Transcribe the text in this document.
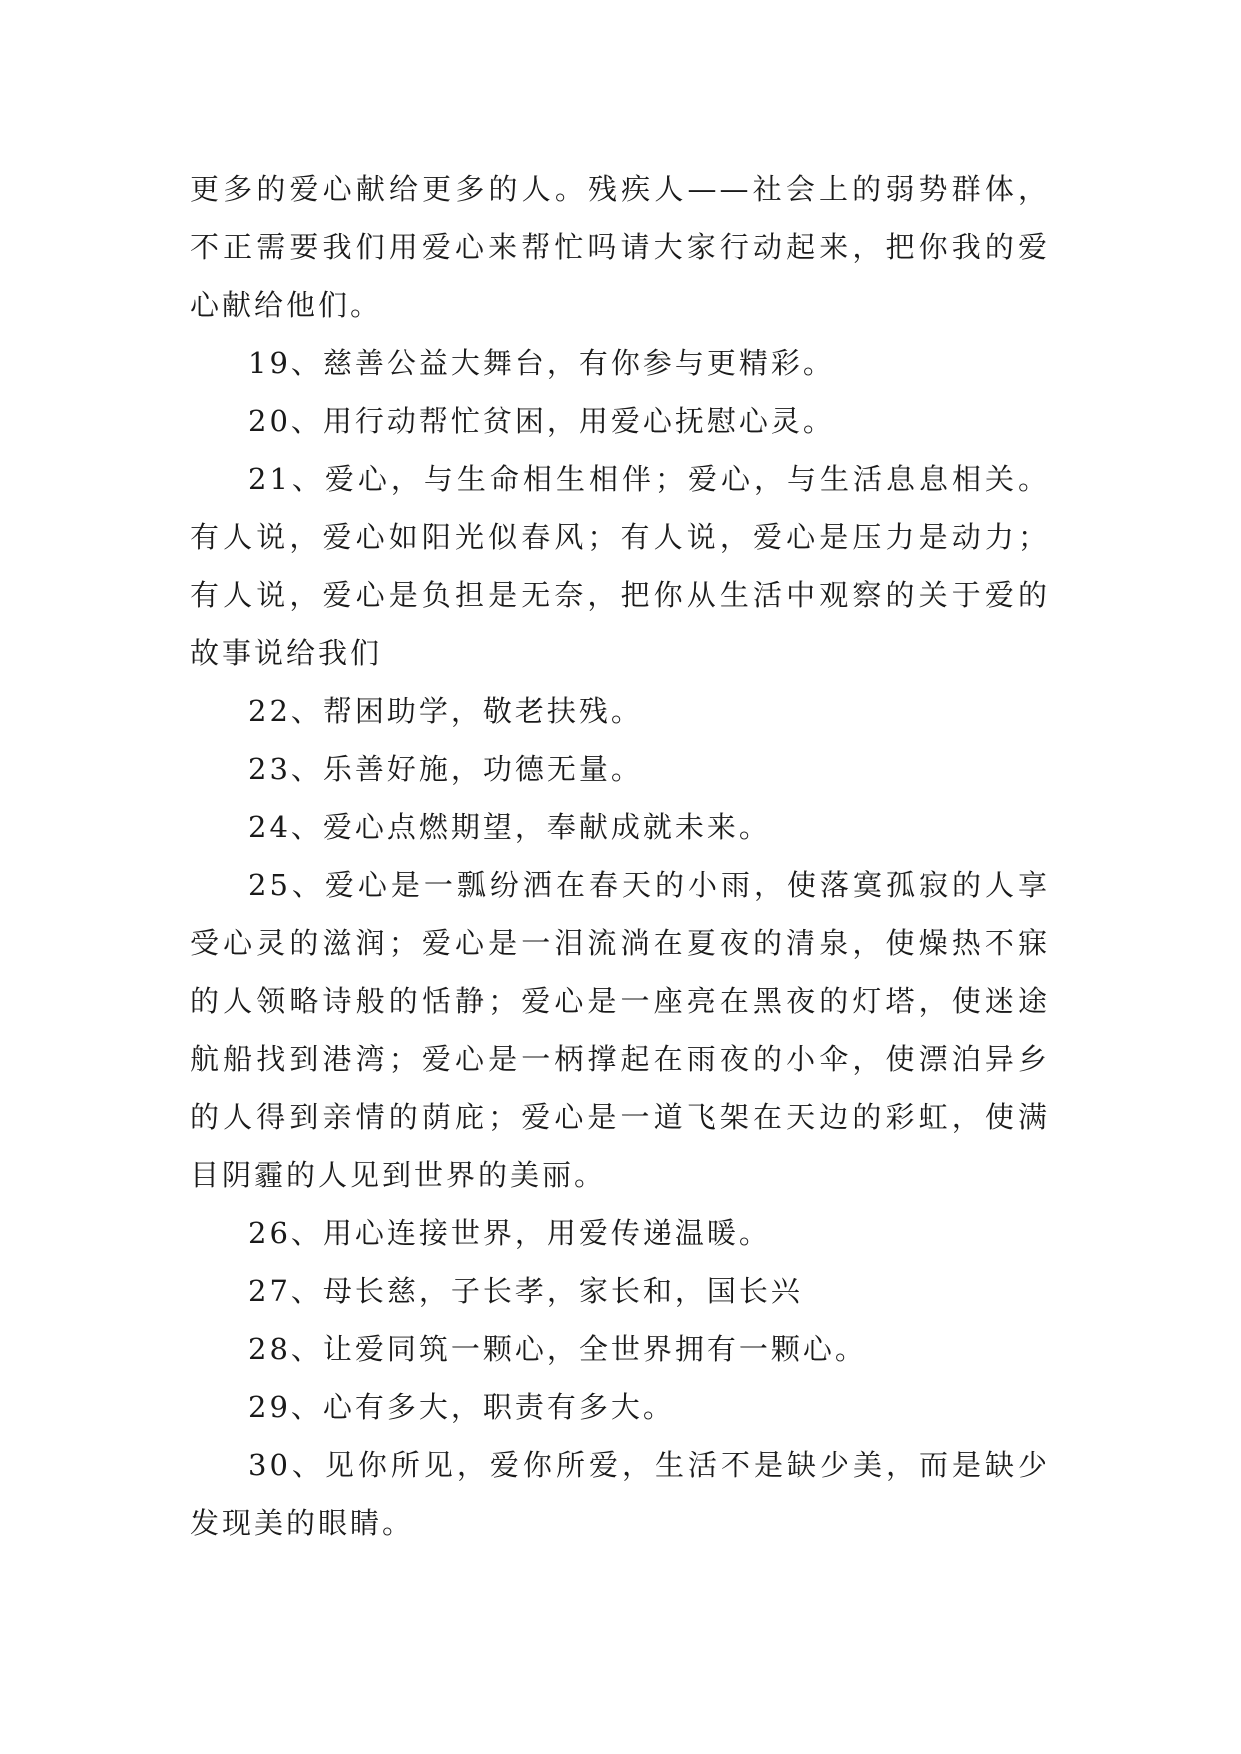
更多的爱心献给更多的人。残疾人——社会上的弱势群体，不正需要我们用爱心来帮忙吗请大家行动起来，把你我的爱心献给他们。

19、慈善公益大舞台，有你参与更精彩。

20、用行动帮忙贫困，用爱心抚慰心灵。

21、爱心，与生命相生相伴；爱心，与生活息息相关。有人说，爱心如阳光似春风；有人说，爱心是压力是动力；有人说，爱心是负担是无奈，把你从生活中观察的关于爱的故事说给我们

22、帮困助学，敬老扶残。

23、乐善好施，功德无量。

24、爱心点燃期望，奉献成就未来。

25、爱心是一瓢纷洒在春天的小雨，使落寞孤寂的人享受心灵的滋润；爱心是一泪流淌在夏夜的清泉，使燥热不寐的人领略诗般的恬静；爱心是一座亮在黑夜的灯塔，使迷途航船找到港湾；爱心是一柄撑起在雨夜的小伞，使漂泊异乡的人得到亲情的荫庇；爱心是一道飞架在天边的彩虹，使满目阴霾的人见到世界的美丽。

26、用心连接世界，用爱传递温暖。

27、母长慈，子长孝，家长和，国长兴

28、让爱同筑一颗心，全世界拥有一颗心。

29、心有多大，职责有多大。

30、见你所见，爱你所爱，生活不是缺少美，而是缺少发现美的眼睛。
